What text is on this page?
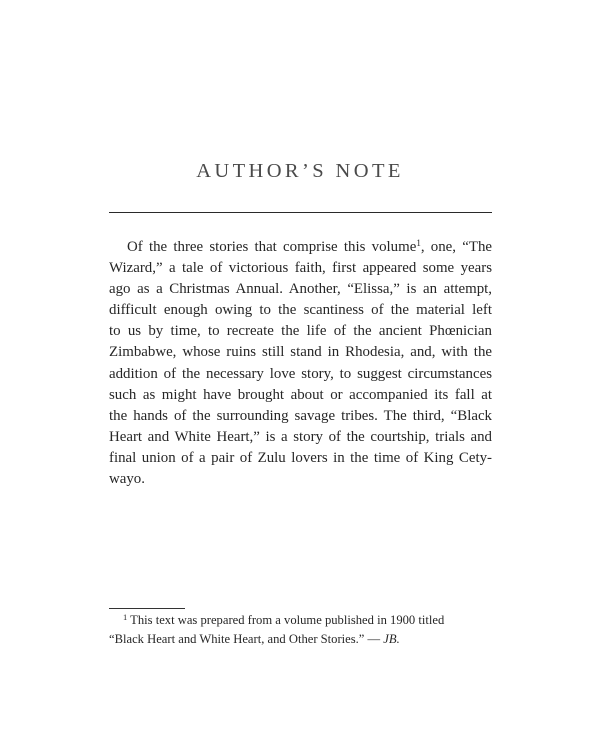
AUTHOR’S NOTE
Of the three stories that comprise this volume$^1$, one, “The
Wizard,” a tale of victorious faith, first appeared some years
ago as a Christmas Annual. Another, “Elissa,” is an attempt,
difficult enough owing to the scantiness of the material left
to us by time, to recreate the life of the ancient Phœnician
Zimbabwe, whose ruins still stand in Rhodesia, and, with the
addition of the necessary love story, to suggest circumstances
such as might have brought about or accompanied its fall at
the hands of the surrounding savage tribes. The third, “Black
Heart and White Heart,” is a story of the courtship, trials and
final union of a pair of Zulu lovers in the time of King Cety-
wayo.
$^1$ This text was prepared from a volume published in 1900 titled
“Black Heart and White Heart, and Other Stories.” — JB.
